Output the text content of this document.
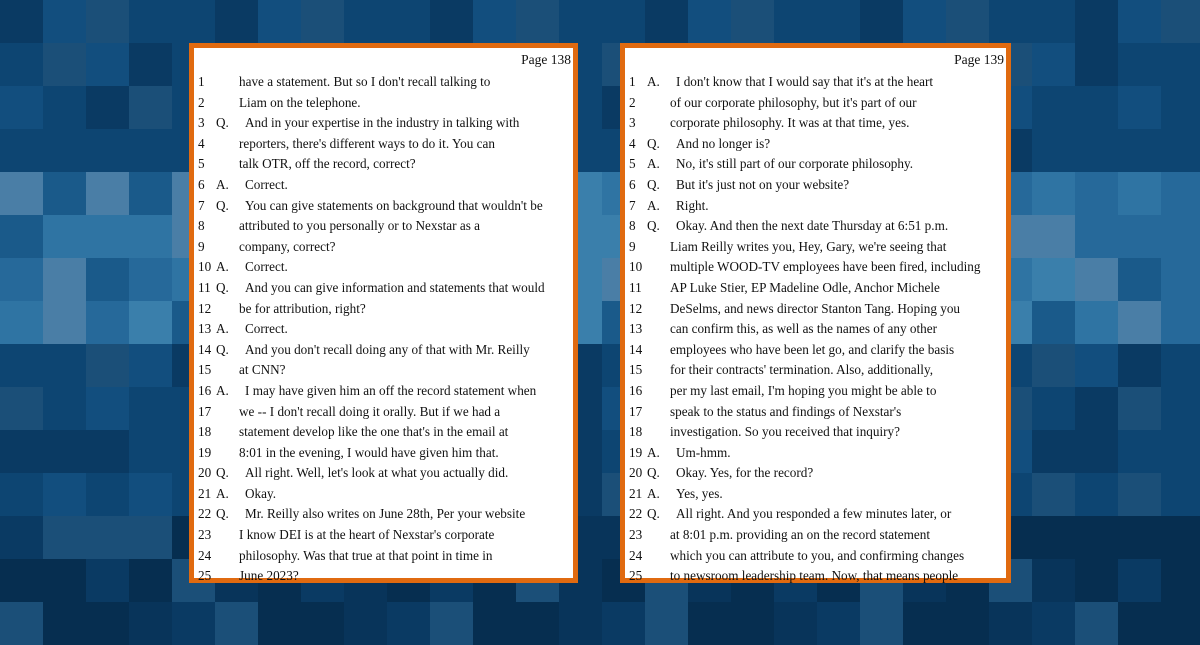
Page 138
1	have a statement. But so I don't recall talking to
2	Liam on the telephone.
3 Q.	And in your expertise in the industry in talking with
4	reporters, there's different ways to do it. You can
5	talk OTR, off the record, correct?
6 A.	Correct.
7 Q.	You can give statements on background that wouldn't be
8	attributed to you personally or to Nexstar as a
9	company, correct?
10 A.	Correct.
11 Q.	And you can give information and statements that would
12	be for attribution, right?
13 A.	Correct.
14 Q.	And you don't recall doing any of that with Mr. Reilly
15	at CNN?
16 A.	I may have given him an off the record statement when
17	we -- I don't recall doing it orally. But if we had a
18	statement develop like the one that's in the email at
19	8:01 in the evening, I would have given him that.
20 Q.	All right. Well, let's look at what you actually did.
21 A.	Okay.
22 Q.	Mr. Reilly also writes on June 28th, Per your website
23	I know DEI is at the heart of Nexstar's corporate
24	philosophy. Was that true at that point in time in
25	June 2023?
Page 139
1 A.	I don't know that I would say that it's at the heart
2	of our corporate philosophy, but it's part of our
3	corporate philosophy. It was at that time, yes.
4 Q.	And no longer is?
5 A.	No, it's still part of our corporate philosophy.
6 Q.	But it's just not on your website?
7 A.	Right.
8 Q.	Okay. And then the next date Thursday at 6:51 p.m.
9	Liam Reilly writes you, Hey, Gary, we're seeing that
10	multiple WOOD-TV employees have been fired, including
11	AP Luke Stier, EP Madeline Odle, Anchor Michele
12	DeSelms, and news director Stanton Tang. Hoping you
13	can confirm this, as well as the names of any other
14	employees who have been let go, and clarify the basis
15	for their contracts' termination. Also, additionally,
16	per my last email, I'm hoping you might be able to
17	speak to the status and findings of Nexstar's
18	investigation. So you received that inquiry?
19 A.	Um-hmm.
20 Q.	Okay. Yes, for the record?
21 A.	Yes, yes.
22 Q.	All right. And you responded a few minutes later, or
23	at 8:01 p.m. providing an on the record statement
24	which you can attribute to you, and confirming changes
25	to newsroom leadership team. Now, that means people
